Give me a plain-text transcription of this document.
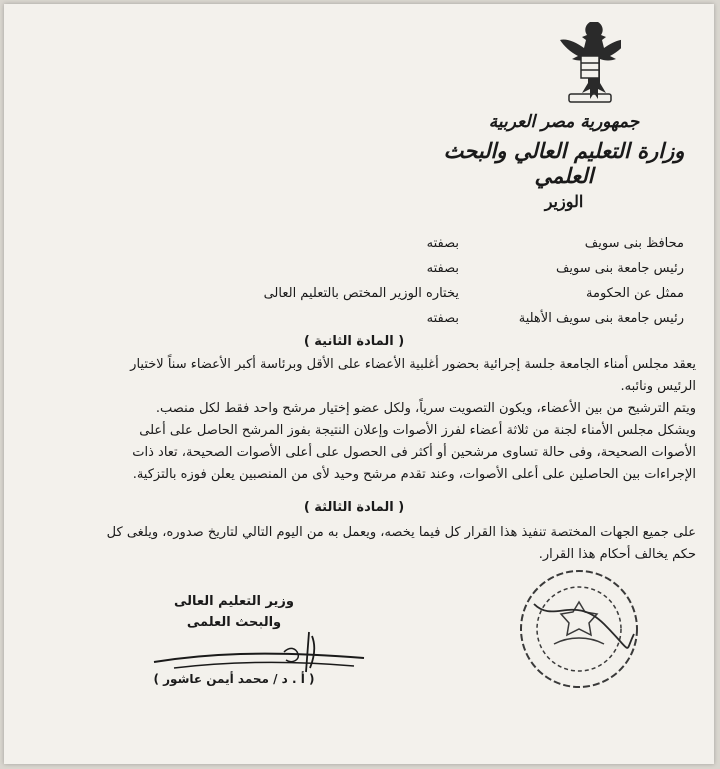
جمهورية مصر العربية
وزارة التعليم العالي والبحث العلمي
الوزير
محافظ بنى سويف
بصفته
رئيس جامعة بنى سويف
بصفته
ممثل عن الحكومة
يختاره الوزير المختص بالتعليم العالى
رئيس جامعة بنى سويف الأهلية
بصفته
( المادة الثانية )
يعقد مجلس أمناء الجامعة جلسة إجرائية بحضور أغلبية الأعضاء على الأقل وبرئاسة أكبر الأعضاء سناً لاختيار
الرئيس ونائبه.
ويتم الترشيح من بين الأعضاء، ويكون التصويت سرياً، ولكل عضو إختيار مرشح واحد فقط لكل منصب.
ويشكل مجلس الأمناء لجنة من ثلاثة أعضاء لفرز الأصوات وإعلان النتيجة بفوز المرشح الحاصل على أعلى
الأصوات الصحيحة، وفى حالة تساوى مرشحين أو أكثر فى الحصول على أعلى الأصوات الصحيحة، تعاد ذات
الإجراءات بين الحاصلين على أعلى الأصوات، وعند تقدم مرشح وحيد لأى من المنصبين يعلن فوزه بالتزكية.
( المادة الثالثة )
على جميع الجهات المختصة تنفيذ هذا القرار كل فيما يخصه، ويعمل به من اليوم التالي لتاريخ صدوره، ويلغى كل
حكم يخالف أحكام هذا القرار.
وزير التعليم العالى
والبحث العلمى
( أ . د / محمد أيمن عاشور )
